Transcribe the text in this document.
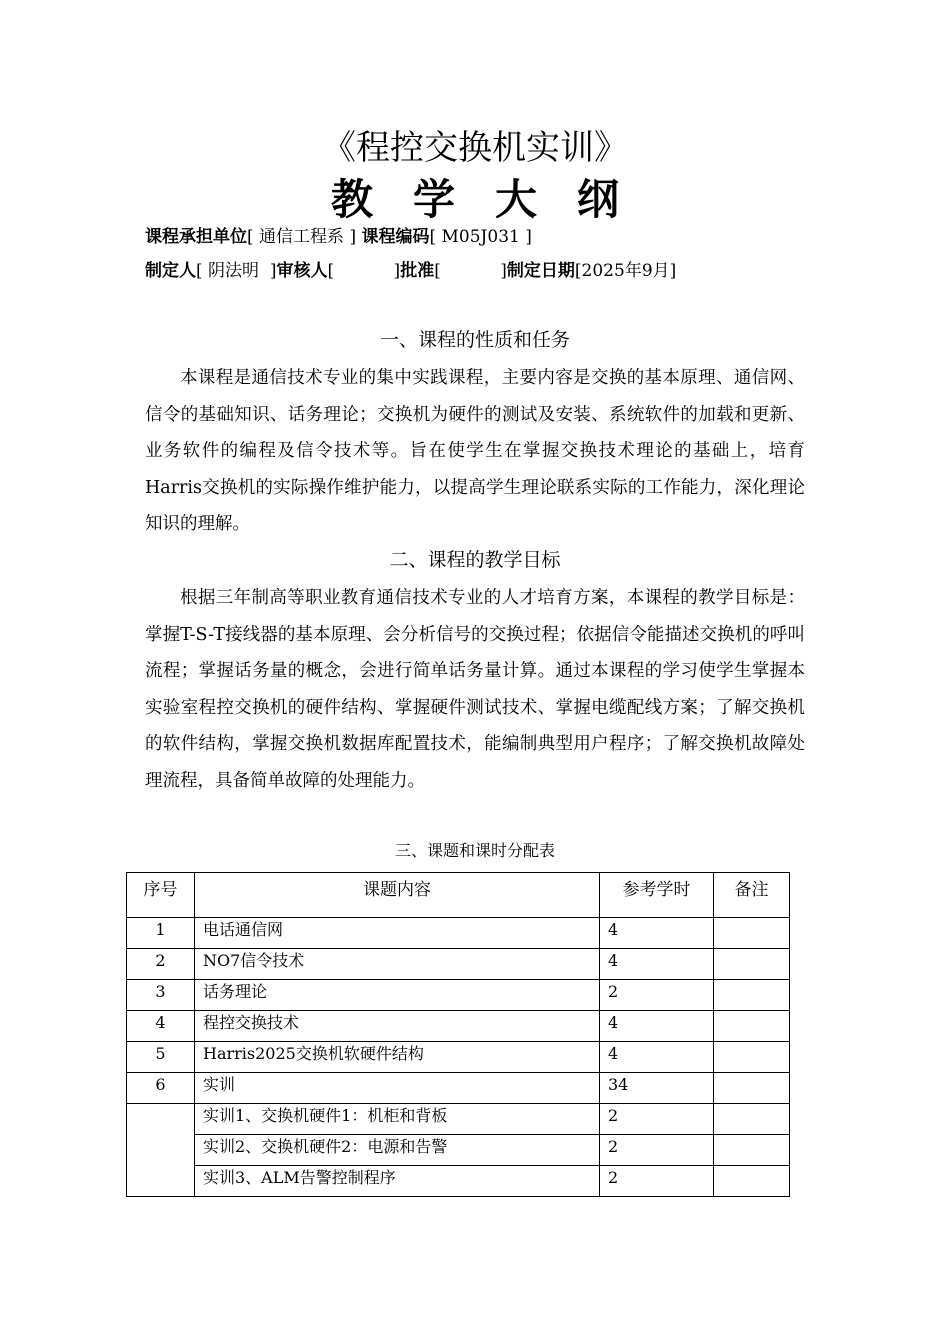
《程控交换机实训》
教学大纲
课程承担单位[ 通信工程系 ] 课程编码[ M05J031 ]
制定人[ 阴法明  ]审核人[           ]批准[           ]制定日期[2025年9月]
一、课程的性质和任务
本课程是通信技术专业的集中实践课程，主要内容是交换的基本原理、通信网、信令的基础知识、话务理论；交换机为硬件的测试及安装、系统软件的加载和更新、业务软件的编程及信令技术等。旨在使学生在掌握交换技术理论的基础上，培育Harris交换机的实际操作维护能力，以提高学生理论联系实际的工作能力，深化理论知识的理解。
二、课程的教学目标
根据三年制高等职业教育通信技术专业的人才培育方案，本课程的教学目标是：掌握T-S-T接线器的基本原理、会分析信号的交换过程；依据信令能描述交换机的呼叫流程；掌握话务量的概念，会进行简单话务量计算。通过本课程的学习使学生掌握本实验室程控交换机的硬件结构、掌握硬件测试技术、掌握电缆配线方案；了解交换机的软件结构，掌握交换机数据库配置技术，能编制典型用户程序；了解交换机故障处理流程，具备简单故障的处理能力。
三、课题和课时分配表
序号	课题内容	参考学时	备注
1	电话通信网	4	
2	NO7信令技术	4	
3	话务理论	2	
4	程控交换技术	4	
5	Harris2025交换机软硬件结构	4	
6	实训	34	
	实训1、交换机硬件1：机柜和背板	2	
	实训2、交换机硬件2：电源和告警	2	
	实训3、ALM告警控制程序	2	
